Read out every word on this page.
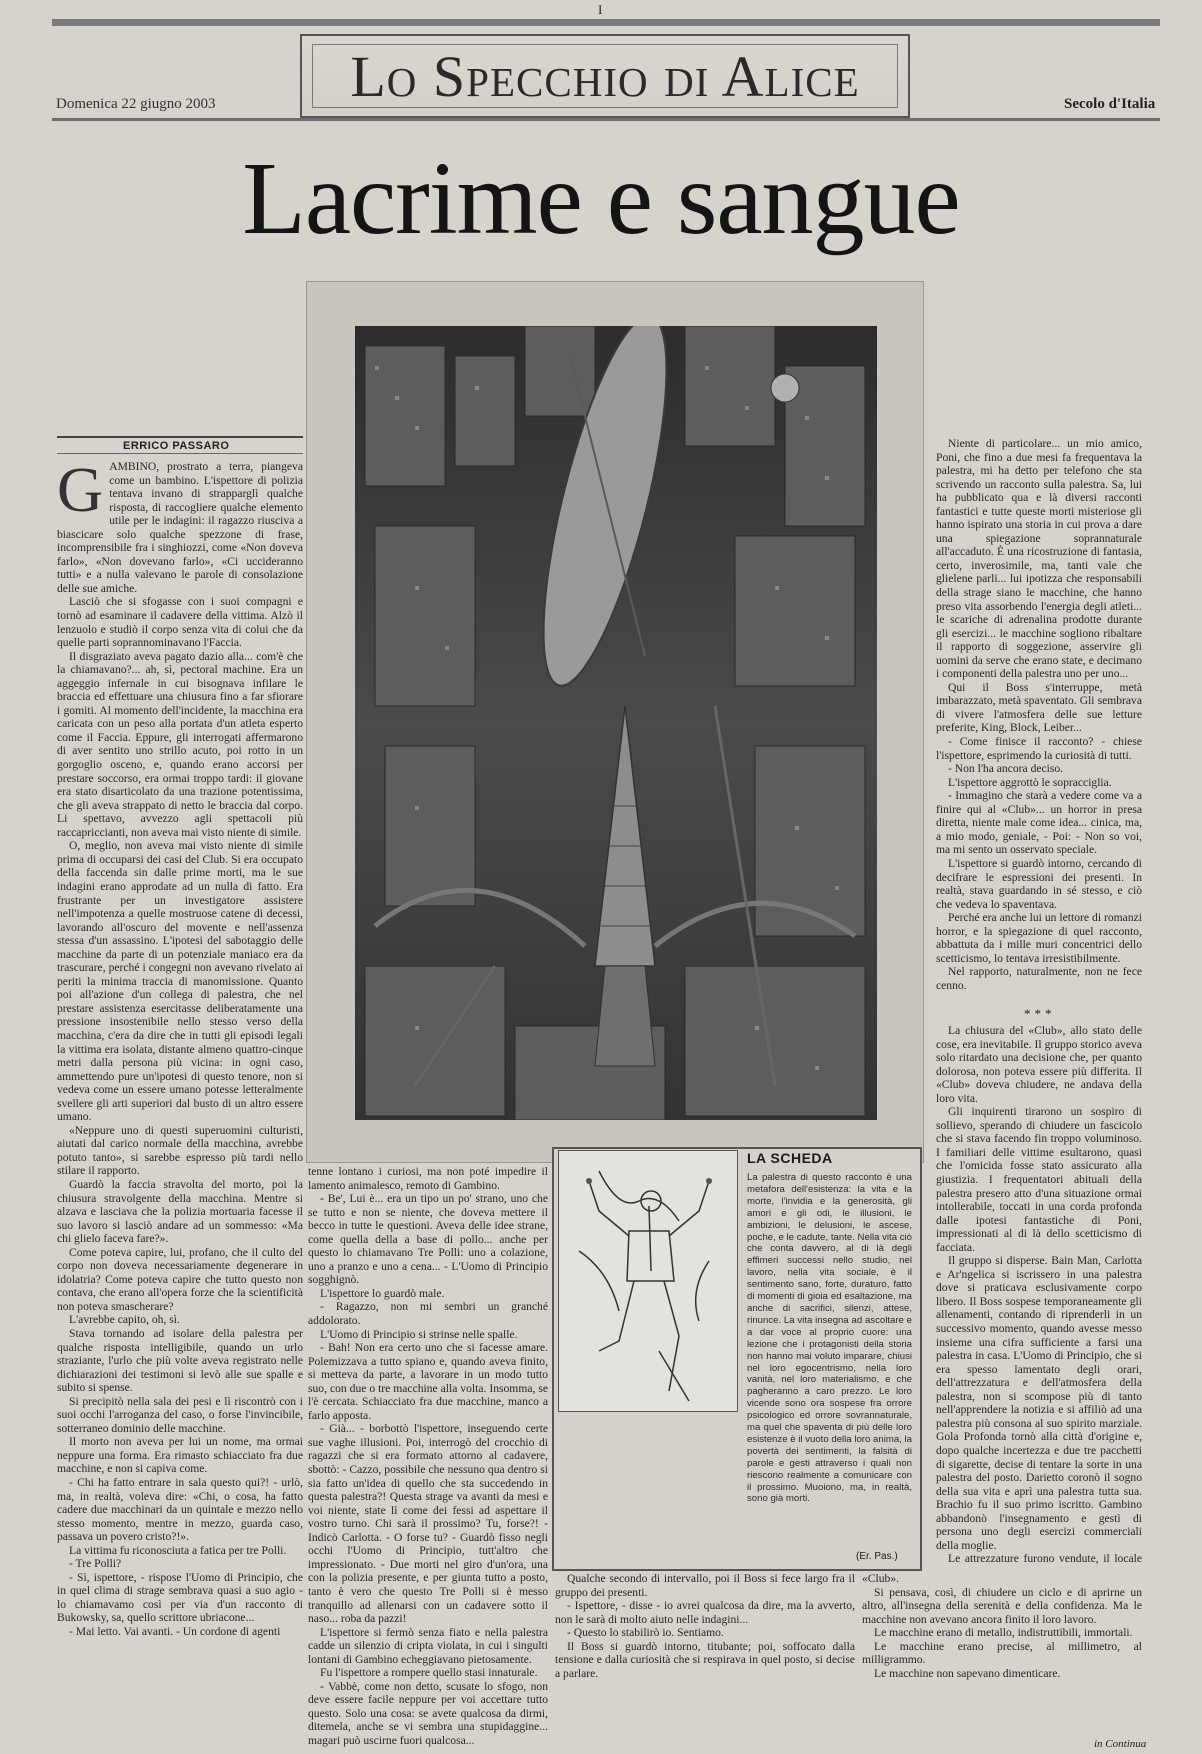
I
Lo Specchio di Alice
Domenica 22 giugno 2003	Secolo d'Italia
Lacrime e sangue
ERRICO PASSARO
G AMBINO, prostrato a terra, piangeva come un bambino. L'ispettore di polizia tentava invano di strapparglì qualche risposta, di raccogliere qualche elemento utile per le indagini: il ragazzo riusciva a biascicare solo qualche spezzone di frase, incomprensibile fra i singhiozzi, come «Non doveva farlo», «Non dovevano farlo», «Ci uccideranno tutti» e a nulla valevano le parole di consolazione delle sue amiche.

Lasciò che si sfogasse con i suoi compagni e tornò ad esaminare il cadavere della vittima. Alzò il lenzuolo e studiò il corpo senza vita di colui che da quelle parti soprannominavano l'Faccia.

Il disgraziato aveva pagato dazio alla... com'è che la chiamavano?... ah, sì, pectoral machine. Era un aggeggio infernale in cui bisognava infilare le braccia ed effettuare una chiusura fino a far sfiorare i gomiti. Al momento dell'incidente, la macchina era caricata con un peso alla portata d'un atleta esperto come il Faccia. Eppure, gli interrogati affermarono di aver sentito uno strillo acuto, poi rotto in un gorgoglio osceno, e, quando erano accorsi per prestare soccorso, era ormai troppo tardi: il giovane era stato disarticolato da una trazione potentissima, che gli aveva strappato di netto le braccia dal corpo. Li spettavo, avvezzo agli spettacoli più raccapriccianti, non aveva mai visto niente di simile.

O, meglio, non aveva mai visto niente di simile prima di occuparsi dei casi del Club. Si era occupato della faccenda sin dalle prime morti, ma le sue indagini erano approdate ad un nulla di fatto. Era frustrante per un investigatore assistere nell'impotenza a quelle mostruose catene di decessi, lavorando all'oscuro del movente e nell'assenza stessa d'un assassino. L'ipotesi del sabotaggio delle macchine da parte di un potenziale maniaco era da trascurare, perché i congegni non avevano rivelato ai periti la minima traccia di manomissione. Quanto poi all'azione d'un collega di palestra, che nel prestare assistenza esercitasse deliberatamente una pressione insostenibile nello stesso verso della macchina, c'era da dire che in tutti gli episodi legali la vittima era isolata, distante almeno quattro-cinque metri dalla persona più vicina: in ogni caso, ammettendo pure un'ipotesi di questo tenore, non si vedeva come un essere umano potesse letteralmente svellere gli arti superiori dal busto di un altro essere umano.

«Neppure uno di questi superuomini culturisti, aiutati dal carico normale della macchina, avrebbe potuto tanto», si sarebbe espresso più tardi nello stilare il rapporto.

Guardò la faccia stravolta del morto, poi la chiusura stravolgente della macchina. Mentre si alzava e lasciava che la polizia mortuaria facesse il suo lavoro si lasciò andare ad un sommesso: «Ma chi glielo faceva fare?».

Come poteva capire, lui, profano, che il culto del corpo non doveva necessariamente degenerare in idolatria? Come poteva capire che tutto questo non contava, che erano all'opera forze che la scientificità non poteva smascherare?

L'avrebbe capito, oh, sì.

Stava tornando ad isolare della palestra per qualche risposta intelligibile, quando un urlo straziante, l'urlo che più volte aveva registrato nelle dichiarazioni dei testimoni si levò alle sue spalle e subito si spense.

Si precipitò nella sala dei pesi e lì riscontrò con i suoi occhi l'arroganza del caso, o forse l'invincibile, sotterraneo dominio delle macchine.

Il morto non aveva per lui un nome, ma ormai neppure una forma. Era rimasto schiacciato fra due macchine, e non si capiva come.

- Chi ha fatto entrare in sala questo qui?! - urlò, ma, in realtà, voleva dire: «Chi, o cosa, ha fatto cadere due macchinari da un quintale e mezzo nello stesso momento, mentre in mezzo, guarda caso, passava un povero cristo?!».

La vittima fu riconosciuta a fatica per tre Polli.

- Tre Polli?

- Sì, ispettore, - rispose l'Uomo di Principio, che in quel clima di strage sembrava quasi a suo agio - lo chiamavamo così per via d'un racconto di Bukowsky, sa, quello scrittore ubriacone...

- Mai letto. Vai avanti. - Un cordone di agenti

tenne lontano i curiosi, ma non poté impedire il lamento animalesco, remoto di Gambino.

- Be', Lui è... era un tipo un po' strano, uno che se tutto e non se niente, che doveva mettere il becco in tutte le questioni. Aveva delle idee strane, come quella della a base di pollo... anche per questo lo chiamavano Tre Polli: uno a colazione, uno a pranzo e uno a cena... - L'Uomo di Principio sogghignò.

L'ispettore lo guardò male.

- Ragazzo, non mi sembri un granché addolorato.

L'Uomo di Principio si strinse nelle spalle.

- Bah! Non era certo uno che si facesse amare. Polemizzava a tutto spiano e, quando aveva finito, si metteva da parte, a lavorare in un modo tutto suo, con due o tre macchine alla volta. Insomma, se l'è cercata. Schiacciato fra due macchine, manco a farlo apposta.

- Già... - borbottò l'ispettore, inseguendo certe sue vaghe illusioni. Poi, interrogò del crocchio di ragazzi che si era formato attorno al cadavere, sbottò: - Cazzo, possibile che nessuno qua dentro si sia fatto un'idea di quello che sta succedendo in questa palestra?! Questa strage va avanti da mesi e voi niente, state lì come dei fessi ad aspettare il vostro turno. Chi sarà il prossimo? Tu, forse?! - Indicò Carlotta. - O forse tu? - Guardò fisso negli occhi l'Uomo di Principio, tutt'altro che impressionato. - Due morti nel giro d'un'ora, una con la polizia presente, e per giunta tutto a posto, tanto è vero che questo Tre Polli si è messo tranquillo ad allenarsi con un cadavere sotto il naso... roba da pazzi!

L'ispettore si fermò senza fiato e nella palestra cadde un silenzio di cripta violata, in cui i singulti lontani di Gambino echeggiavano pietosamente.

Fu l'ispettore a rompere quello stasi innaturale.

- Vabbè, come non detto, scusate lo sfogo, non deve essere facile neppure per voi accettare tutto questo. Solo una cosa: se avete qualcosa da dirmi, ditemela, anche se vi sembra una stupidaggine... magari può uscirne fuori qualcosa...

LA SCHEDA

La palestra di questo racconto è una metafora dell'esistenza: la vita e la morte, l'invidia e la generosità, gli amori e gli odi, le illusioni, le ambizioni, le delusioni, le ascese, poche, e le cadute, tante. Nella vita ciò che conta davvero, al di là degli effimeri successi nello studio, nel lavoro, nella vita sociale, è il sentimento sano, forte, duraturo, fatto di momenti di gioia ed esaltazione, ma anche di sacrifici, silenzi, attese, rinunce. La vita insegna ad ascoltare e a dar voce al proprio cuore: una lezione che i protagonisti della storia non hanno mai voluto imparare, chiusi nel loro egocentrismo, nella loro vanità, nel loro materialismo, e che pagheranno a caro prezzo. Le loro vicende sono ora sospese fra orrore psicologico ed orrore sovrannaturale, ma quel che spaventa di più delle loro esistenze è il vuoto della loro anima, la povertà dei sentimenti, la falsità di parole e gesti attraverso i quali non riescono realmente a comunicare con il prossimo. Muoiono, ma, in realtà, sono già morti.

(Er. Pas.)

Qualche secondo di intervallo, poi il Boss si fece largo fra il gruppo dei presenti.

- Ispettore, - disse - io avrei qualcosa da dire, ma la avverto, non le sarà di molto aiuto nelle indagini...

- Questo lo stabilirò io. Sentiamo.

Il Boss si guardò intorno, titubante; poi, soffocato dalla tensione e dalla curiosità che si respirava in quel posto, si decise a parlare.

«Club».

Si pensava, così, di chiudere un ciclo e di aprirne un altro, all'insegna della serenità e della confidenza. Ma le macchine non avevano ancora finito il loro lavoro.

Le macchine erano di metallo, indistruttibili, immortali.

Le macchine erano precise, al millimetro, al milligrammo.

Le macchine non sapevano dimenticare.

Niente di particolare... un mio amico, Poni, che fino a due mesi fa frequentava la palestra, mi ha detto per telefono che sta scrivendo un racconto sulla palestra. Sa, lui ha pubblicato qua e là diversi racconti fantastici e tutte queste morti misteriose gli hanno ispirato una storia in cui prova a dare una spiegazione soprannaturale all'accaduto. È una ricostruzione di fantasia, certo, inverosimile, ma, tanti vale che glielene parli... lui ipotizza che responsabili della strage siano le macchine, che hanno preso vita assorbendo l'energia degli atleti... le scariche di adrenalina prodotte durante gli esercizi... le macchine sogliono ribaltare il rapporto di soggezione, asservire gli uomini da serve che erano state, e decimano i componenti della palestra uno per uno...

Qui il Boss s'interruppe, metà imbarazzato, metà spaventato. Gli sembrava di vivere l'atmosfera delle sue letture preferite, King, Block, Leiber...

- Come finisce il racconto? - chiese l'ispettore, esprimendo la curiosità di tutti.

- Non l'ha ancora deciso.

L'ispettore aggrottò le sopracciglia.

- Immagino che starà a vedere come va a finire qui al «Club»... un horror in presa diretta, niente male come idea... cinica, ma, a mio modo, geniale, - Poi: - Non so voi, ma mi sento un osservato speciale.

L'ispettore si guardò intorno, cercando di decifrare le espressioni dei presenti. In realtà, stava guardando in sé stesso, e ciò che vedeva lo spaventava.

Perché era anche lui un lettore di romanzi horror, e la spiegazione di quel racconto, abbattuta da i mille muri concentrici dello scetticismo, lo tentava irresistibilmente.

Nel rapporto, naturalmente, non ne fece cenno.

***

La chiusura del «Club», allo stato delle cose, era inevitabile. Il gruppo storico aveva solo ritardato una decisione che, per quanto dolorosa, non poteva essere più differita. Il «Club» doveva chiudere, ne andava della loro vita.

Gli inquirenti tirarono un sospiro di sollievo, sperando di chiudere un fascicolo che si stava facendo fin troppo voluminoso. I familiari delle vittime esultarono, quasi che l'omicida fosse stato assicurato alla giustizia. I frequentatori abituali della palestra presero atto d'una situazione ormai intollerabile, toccati in una corda profonda dalle ipotesi fantastiche di Poni, impressionati al di là dello scetticismo di facciata.

Il gruppo si disperse. Bain Man, Carlotta e Ar'ngelica si iscrissero in una palestra dove si praticava esclusivamente corpo libero. Il Boss sospese temporaneamente gli allenamenti, contando di riprenderli in un successivo momento, quando avesse messo insieme una cifra sufficiente a farsi una palestra in casa. L'Uomo di Principio, che si era spesso lamentato degli orari, dell'attrezzatura e dell'atmosfera della palestra, non si scompose più di tanto nell'apprendere la notizia e si affiliò ad una palestra più consona al suo spirito marziale. Gola Profonda tornò alla città d'origine e, dopo qualche incertezza e due tre pacchetti di sigarette, decise di tentare la sorte in una palestra del posto. Darietto coronò il sogno della sua vita e aprì una palestra tutta sua. Brachio fu il suo primo iscritto. Gambino abbandonò l'insegnamento e gestì di persona uno degli esercizi commerciali della moglie.

Le attrezzature furono vendute, il locale

in Continua
